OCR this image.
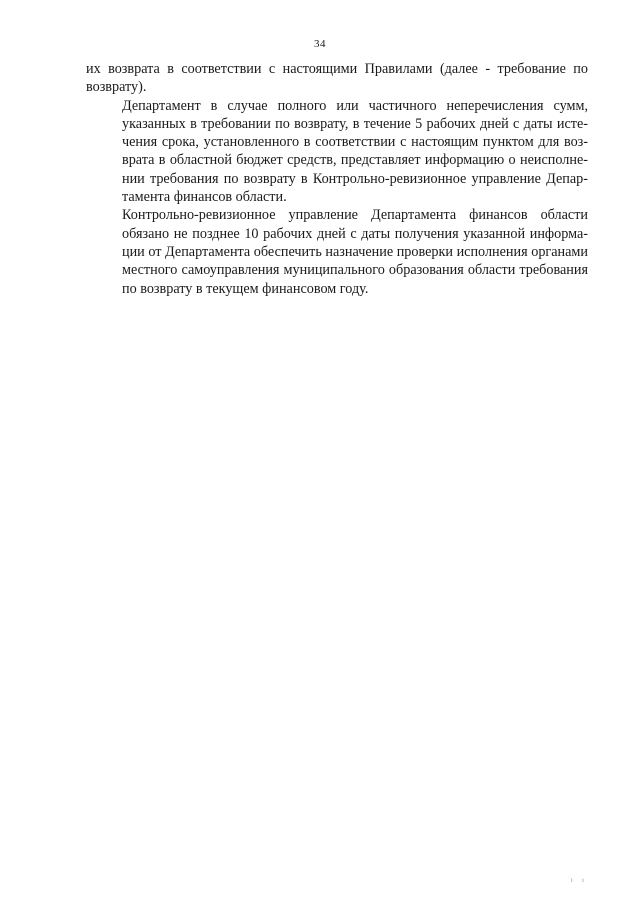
34

их возврата в соответствии с настоящими Правилами (далее - требование по
возврату).

Департамент в случае полного или частичного неперечисления сумм,
указанных в требовании по возврату, в течение 5 рабочих дней с даты исте-
чения срока, установленного в соответствии с настоящим пунктом для воз-
врата в областной бюджет средств, представляет информацию о неисполне-
нии требования по возврату в Контрольно-ревизионное управление Депар-
тамента финансов области.

Контрольно-ревизионное управление Департамента финансов области
обязано не позднее 10 рабочих дней с даты получения указанной информа-
ции от Департамента обеспечить назначение проверки исполнения органами
местного самоуправления муниципального образования области требования
по возврату в текущем финансовом году.

i i
